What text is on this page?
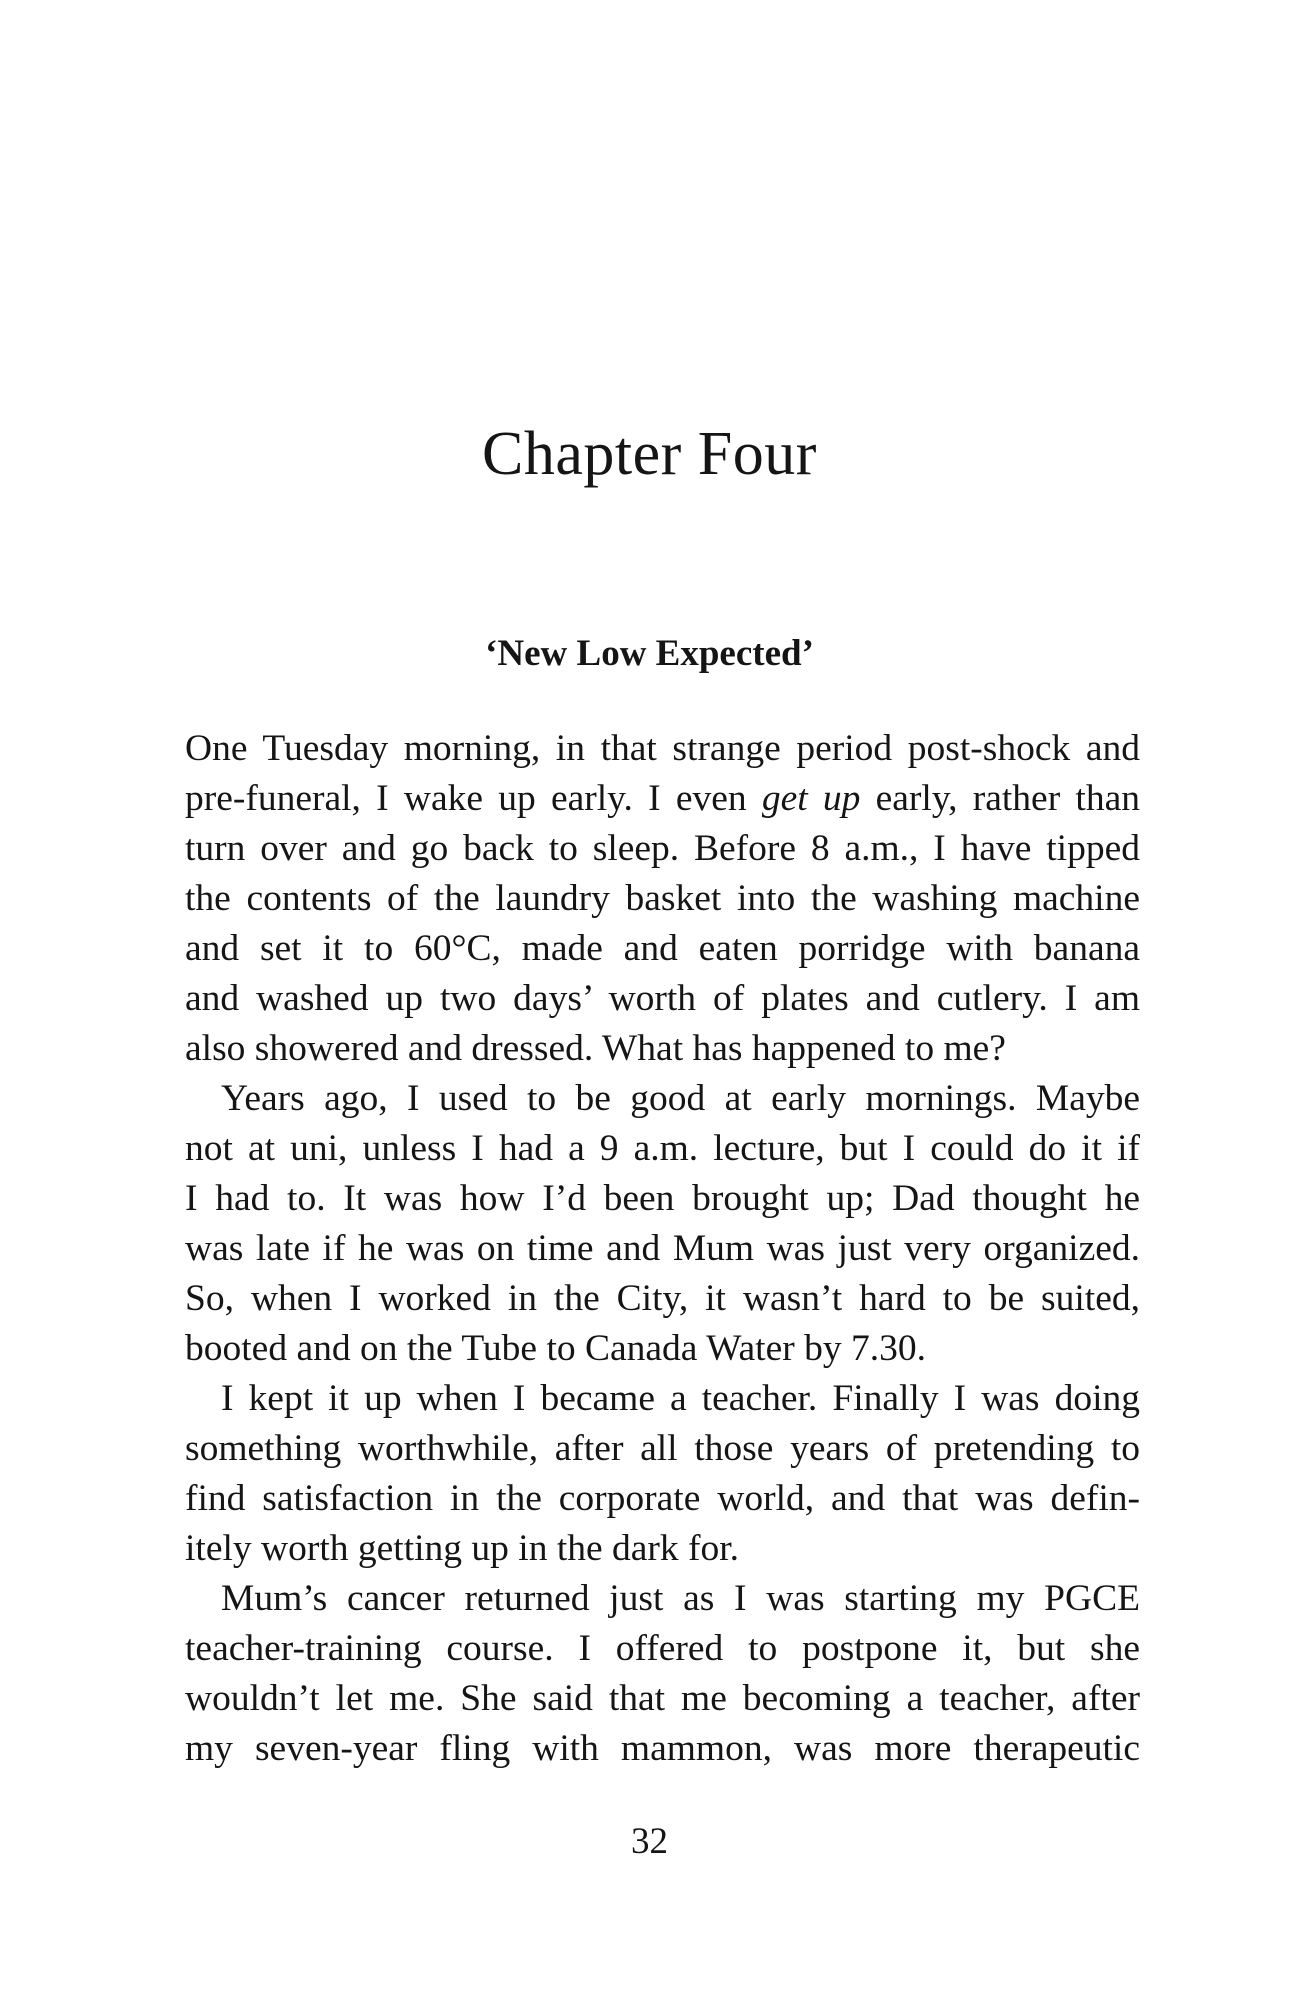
Chapter Four
‘New Low Expected’

One Tuesday morning, in that strange period post-shock and
pre-funeral, I wake up early. I even get up early, rather than
turn over and go back to sleep. Before 8 a.m., I have tipped
the contents of the laundry basket into the washing machine
and set it to 60°C, made and eaten porridge with banana
and washed up two days’ worth of plates and cutlery. I am
also showered and dressed. What has happened to me?

Years ago, I used to be good at early mornings. Maybe
not at uni, unless I had a 9 a.m. lecture, but I could do it if
I had to. It was how I’d been brought up; Dad thought he
was late if he was on time and Mum was just very organized.
So, when I worked in the City, it wasn’t hard to be suited,
booted and on the Tube to Canada Water by 7.30.

I kept it up when I became a teacher. Finally I was doing
something worthwhile, after all those years of pretending to
find satisfaction in the corporate world, and that was defin-
itely worth getting up in the dark for.

Mum’s cancer returned just as I was starting my PGCE
teacher-training course. I offered to postpone it, but she
wouldn’t let me. She said that me becoming a teacher, after
my seven-year fling with mammon, was more therapeutic

32
